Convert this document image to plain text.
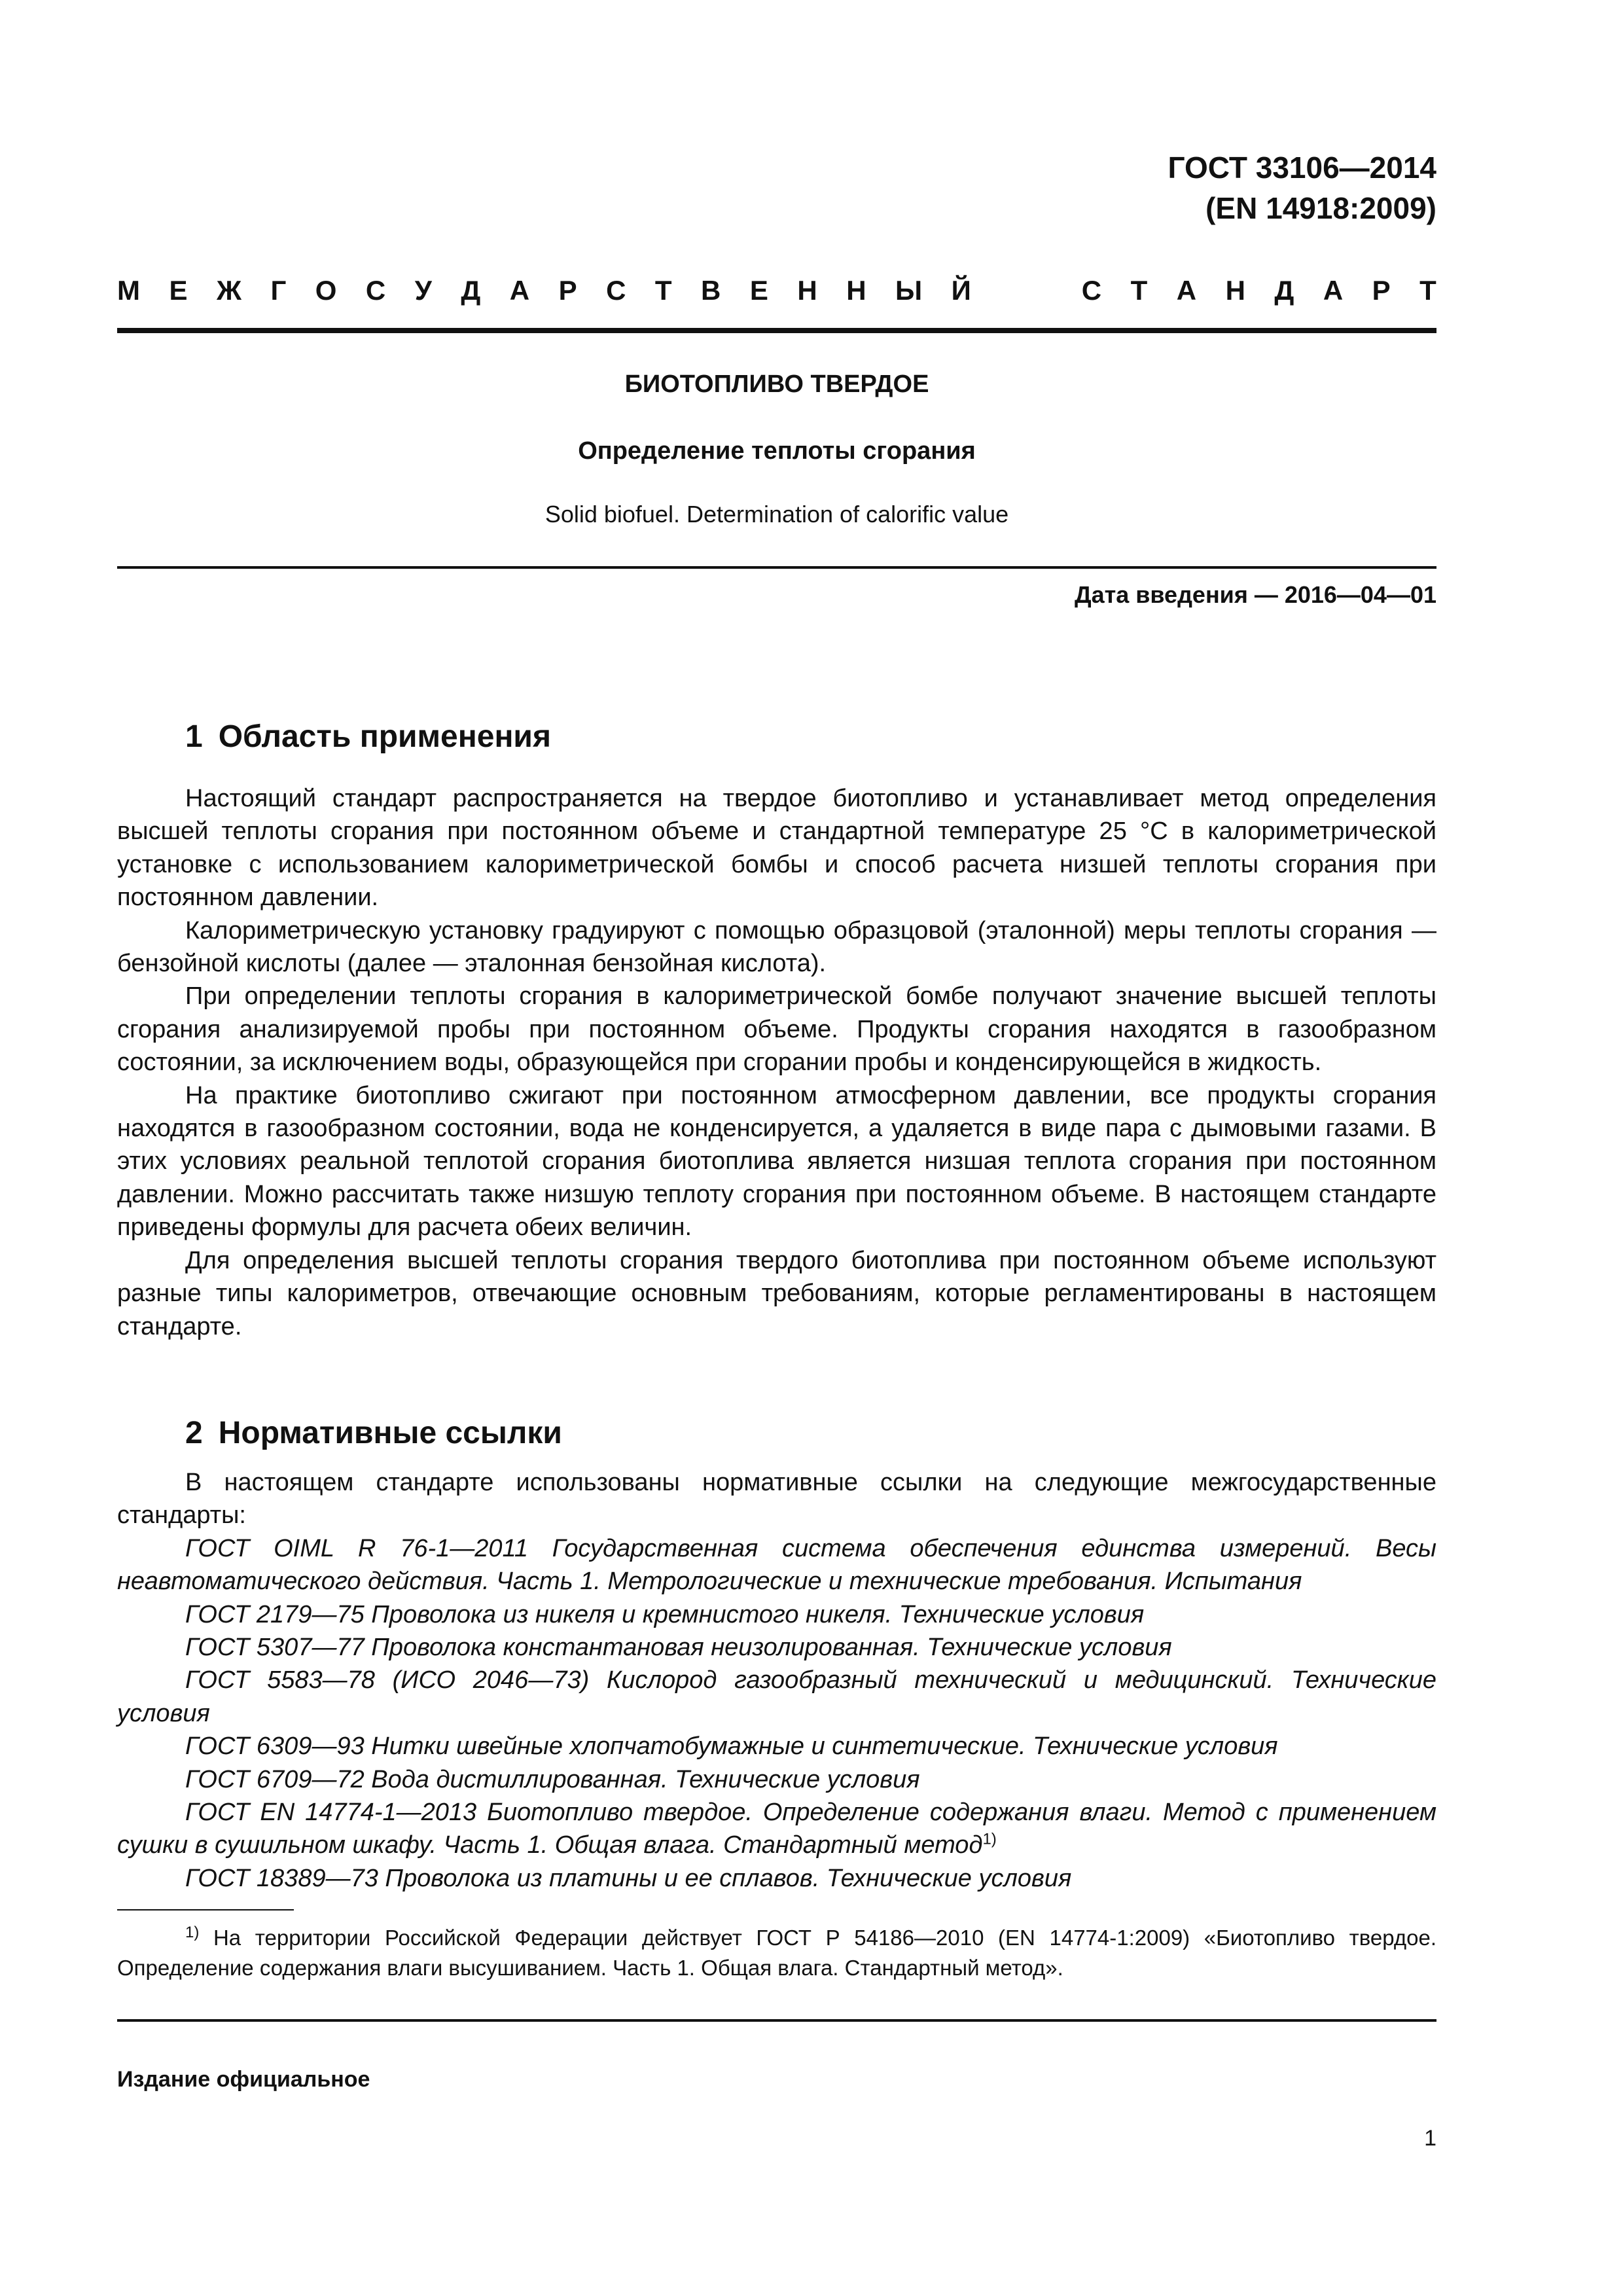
ГОСТ 33106—2014
(EN 14918:2009)
М Е Ж Г О С У Д А Р С Т В Е Н Н Ы Й	С Т А Н Д А Р Т
БИОТОПЛИВО ТВЕРДОЕ
Определение теплоты сгорания
Solid biofuel. Determination of calorific value
Дата введения — 2016—04—01
1 Область применения

Настоящий стандарт распространяется на твердое биотопливо и устанавливает метод определения высшей теплоты сгорания при постоянном объеме и стандартной температуре 25 °C в калориметрической установке с использованием калориметрической бомбы и способ расчета низшей теплоты сгорания при постоянном давлении.

Калориметрическую установку градуируют с помощью образцовой (эталонной) меры теплоты сгорания — бензойной кислоты (далее — эталонная бензойная кислота).

При определении теплоты сгорания в калориметрической бомбе получают значение высшей теплоты сгорания анализируемой пробы при постоянном объеме. Продукты сгорания находятся в газообразном состоянии, за исключением воды, образующейся при сгорании пробы и конденсирующейся в жидкость.

На практике биотопливо сжигают при постоянном атмосферном давлении, все продукты сгорания находятся в газообразном состоянии, вода не конденсируется, а удаляется в виде пара с дымовыми газами. В этих условиях реальной теплотой сгорания биотоплива является низшая теплота сгорания при постоянном давлении. Можно рассчитать также низшую теплоту сгорания при постоянном объеме. В настоящем стандарте приведены формулы для расчета обеих величин.

Для определения высшей теплоты сгорания твердого биотоплива при постоянном объеме используют разные типы калориметров, отвечающие основным требованиям, которые регламентированы в настоящем стандарте.

2 Нормативные ссылки

В настоящем стандарте использованы нормативные ссылки на следующие межгосударственные стандарты:

ГОСТ OIML R 76-1—2011 Государственная система обеспечения единства измерений. Весы неавтоматического действия. Часть 1. Метрологические и технические требования. Испытания

ГОСТ 2179—75 Проволока из никеля и кремнистого никеля. Технические условия

ГОСТ 5307—77 Проволока константановая неизолированная. Технические условия

ГОСТ 5583—78 (ИСО 2046—73) Кислород газообразный технический и медицинский. Технические условия

ГОСТ 6309—93 Нитки швейные хлопчатобумажные и синтетические. Технические условия

ГОСТ 6709—72 Вода дистиллированная. Технические условия

ГОСТ EN 14774-1—2013 Биотопливо твердое. Определение содержания влаги. Метод с применением сушки в сушильном шкафу. Часть 1. Общая влага. Стандартный метод$^{1)}$

ГОСТ 18389—73 Проволока из платины и ее сплавов. Технические условия

$^{1)}$ На территории Российской Федерации действует ГОСТ Р 54186—2010 (EN 14774-1:2009) «Биотопливо твердое. Определение содержания влаги высушиванием. Часть 1. Общая влага. Стандартный метод».

Издание официальное
1
